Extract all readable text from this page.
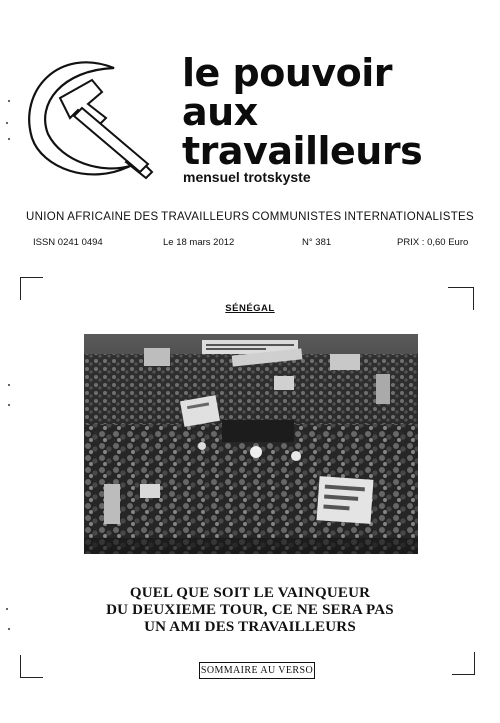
le pouvoir
aux
travailleurs
mensuel trotskyste
UNION AFRICAINE DES TRAVAILLEURS COMMUNISTES INTERNATIONALISTES
ISSN 0241 0494	Le 18 mars 2012	N° 381	PRIX : 0,60 Euro
SÉNÉGAL
QUEL QUE SOIT LE VAINQUEUR
DU DEUXIEME TOUR, CE NE SERA PAS
UN AMI DES TRAVAILLEURS
SOMMAIRE AU VERSO
